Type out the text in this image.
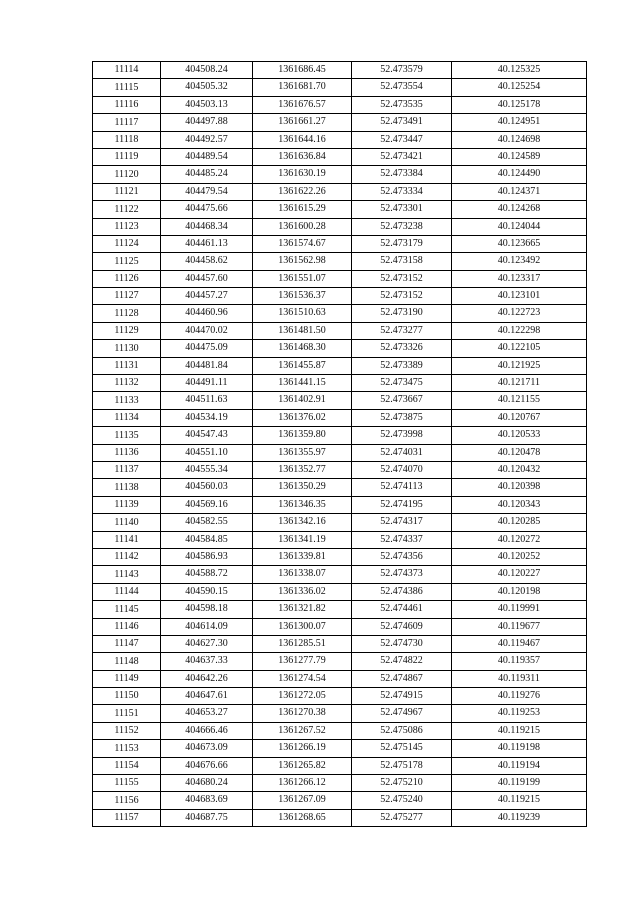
11114	404508.24	1361686.45	52.473579	40.125325
11115	404505.32	1361681.70	52.473554	40.125254
11116	404503.13	1361676.57	52.473535	40.125178
11117	404497.88	1361661.27	52.473491	40.124951
11118	404492.57	1361644.16	52.473447	40.124698
11119	404489.54	1361636.84	52.473421	40.124589
11120	404485.24	1361630.19	52.473384	40.124490
11121	404479.54	1361622.26	52.473334	40.124371
11122	404475.66	1361615.29	52.473301	40.124268
11123	404468.34	1361600.28	52.473238	40.124044
11124	404461.13	1361574.67	52.473179	40.123665
11125	404458.62	1361562.98	52.473158	40.123492
11126	404457.60	1361551.07	52.473152	40.123317
11127	404457.27	1361536.37	52.473152	40.123101
11128	404460.96	1361510.63	52.473190	40.122723
11129	404470.02	1361481.50	52.473277	40.122298
11130	404475.09	1361468.30	52.473326	40.122105
11131	404481.84	1361455.87	52.473389	40.121925
11132	404491.11	1361441.15	52.473475	40.121711
11133	404511.63	1361402.91	52.473667	40.121155
11134	404534.19	1361376.02	52.473875	40.120767
11135	404547.43	1361359.80	52.473998	40.120533
11136	404551.10	1361355.97	52.474031	40.120478
11137	404555.34	1361352.77	52.474070	40.120432
11138	404560.03	1361350.29	52.474113	40.120398
11139	404569.16	1361346.35	52.474195	40.120343
11140	404582.55	1361342.16	52.474317	40.120285
11141	404584.85	1361341.19	52.474337	40.120272
11142	404586.93	1361339.81	52.474356	40.120252
11143	404588.72	1361338.07	52.474373	40.120227
11144	404590.15	1361336.02	52.474386	40.120198
11145	404598.18	1361321.82	52.474461	40.119991
11146	404614.09	1361300.07	52.474609	40.119677
11147	404627.30	1361285.51	52.474730	40.119467
11148	404637.33	1361277.79	52.474822	40.119357
11149	404642.26	1361274.54	52.474867	40.119311
11150	404647.61	1361272.05	52.474915	40.119276
11151	404653.27	1361270.38	52.474967	40.119253
11152	404666.46	1361267.52	52.475086	40.119215
11153	404673.09	1361266.19	52.475145	40.119198
11154	404676.66	1361265.82	52.475178	40.119194
11155	404680.24	1361266.12	52.475210	40.119199
11156	404683.69	1361267.09	52.475240	40.119215
11157	404687.75	1361268.65	52.475277	40.119239
